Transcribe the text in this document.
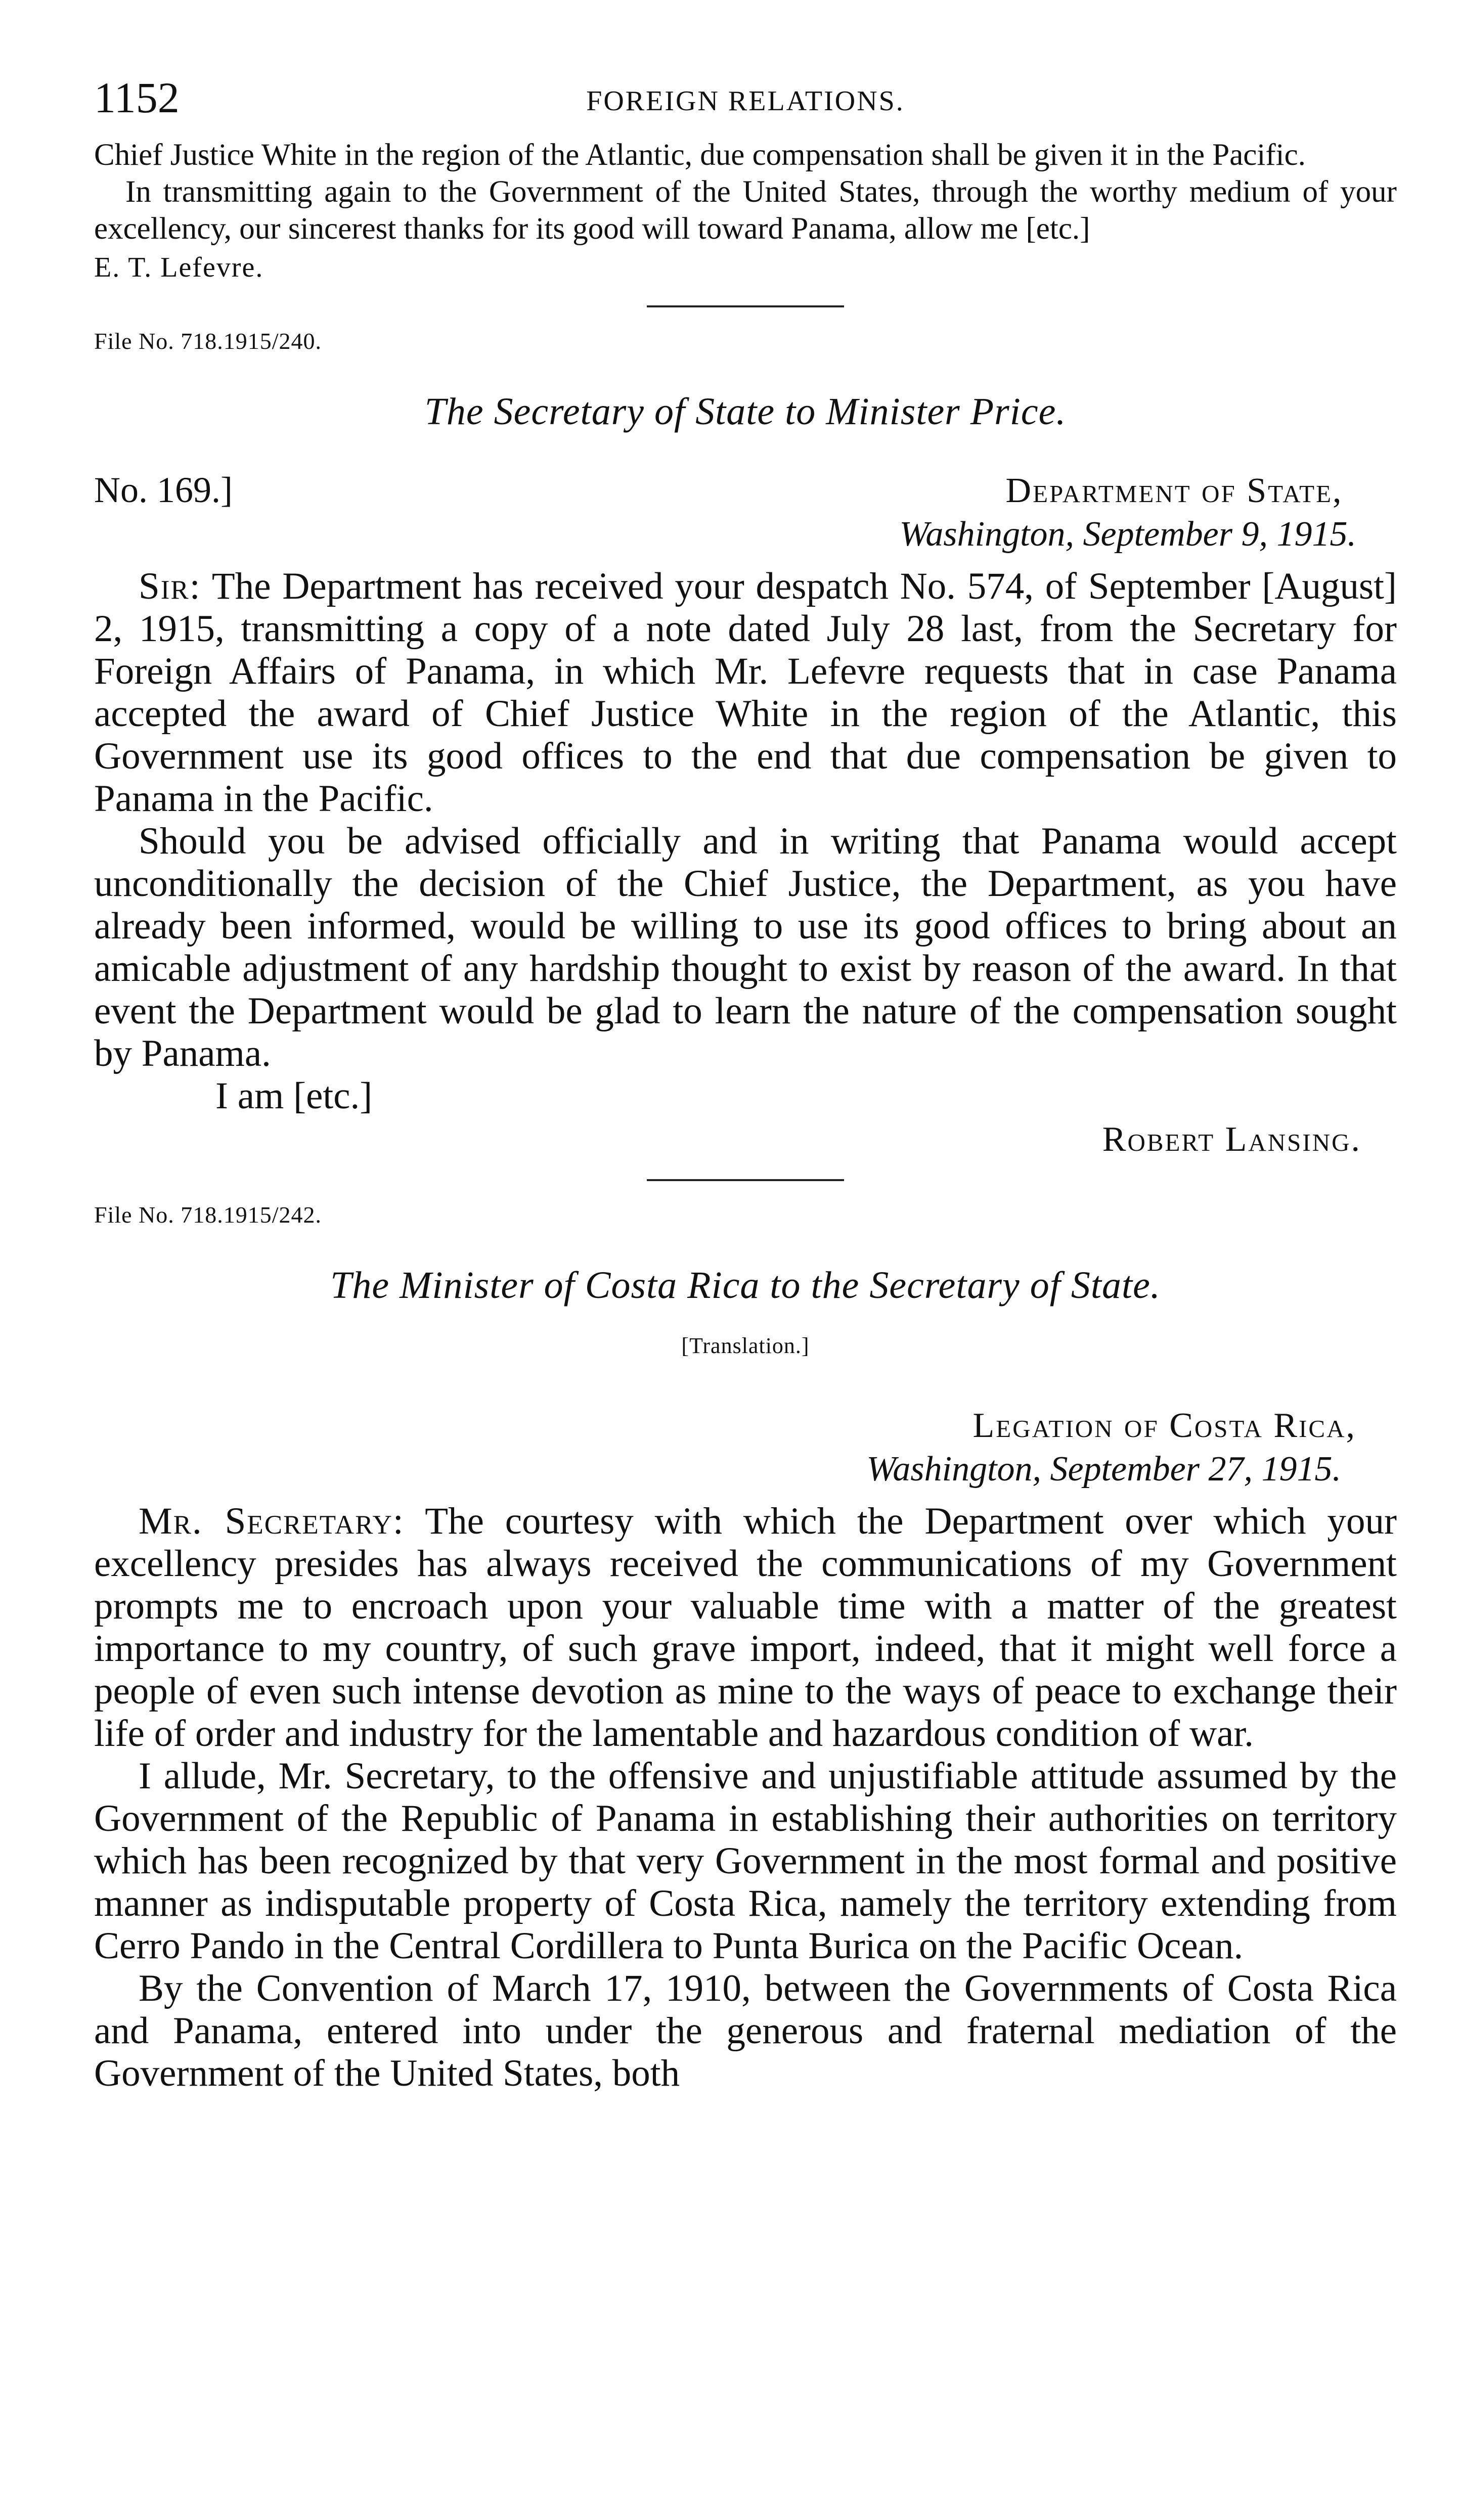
1152	FOREIGN RELATIONS.

Chief Justice White in the region of the Atlantic, due compensation shall be given it in the Pacific.

In transmitting again to the Government of the United States, through the worthy medium of your excellency, our sincerest thanks for its good will toward Panama, allow me [etc.]

E. T. Lefevre.
File No. 718.1915/240.
The Secretary of State to Minister Price.
No. 169.]	Department of State,
Washington, September 9, 1915.

Sir: The Department has received your despatch No. 574, of September [August] 2, 1915, transmitting a copy of a note dated July 28 last, from the Secretary for Foreign Affairs of Panama, in which Mr. Lefevre requests that in case Panama accepted the award of Chief Justice White in the region of the Atlantic, this Government use its good offices to the end that due compensation be given to Panama in the Pacific.

Should you be advised officially and in writing that Panama would accept unconditionally the decision of the Chief Justice, the Department, as you have already been informed, would be willing to use its good offices to bring about an amicable adjustment of any hardship thought to exist by reason of the award. In that event the Department would be glad to learn the nature of the compensation sought by Panama.

I am [etc.]
Robert Lansing.
File No. 718.1915/242.
The Minister of Costa Rica to the Secretary of State.
[Translation.]
Legation of Costa Rica,
Washington, September 27, 1915.

Mr. Secretary: The courtesy with which the Department over which your excellency presides has always received the communications of my Government prompts me to encroach upon your valuable time with a matter of the greatest importance to my country, of such grave import, indeed, that it might well force a people of even such intense devotion as mine to the ways of peace to exchange their life of order and industry for the lamentable and hazardous condition of war.

I allude, Mr. Secretary, to the offensive and unjustifiable attitude assumed by the Government of the Republic of Panama in establishing their authorities on territory which has been recognized by that very Government in the most formal and positive manner as indisputable property of Costa Rica, namely the territory extending from Cerro Pando in the Central Cordillera to Punta Burica on the Pacific Ocean.

By the Convention of March 17, 1910, between the Governments of Costa Rica and Panama, entered into under the generous and fraternal mediation of the Government of the United States, both
